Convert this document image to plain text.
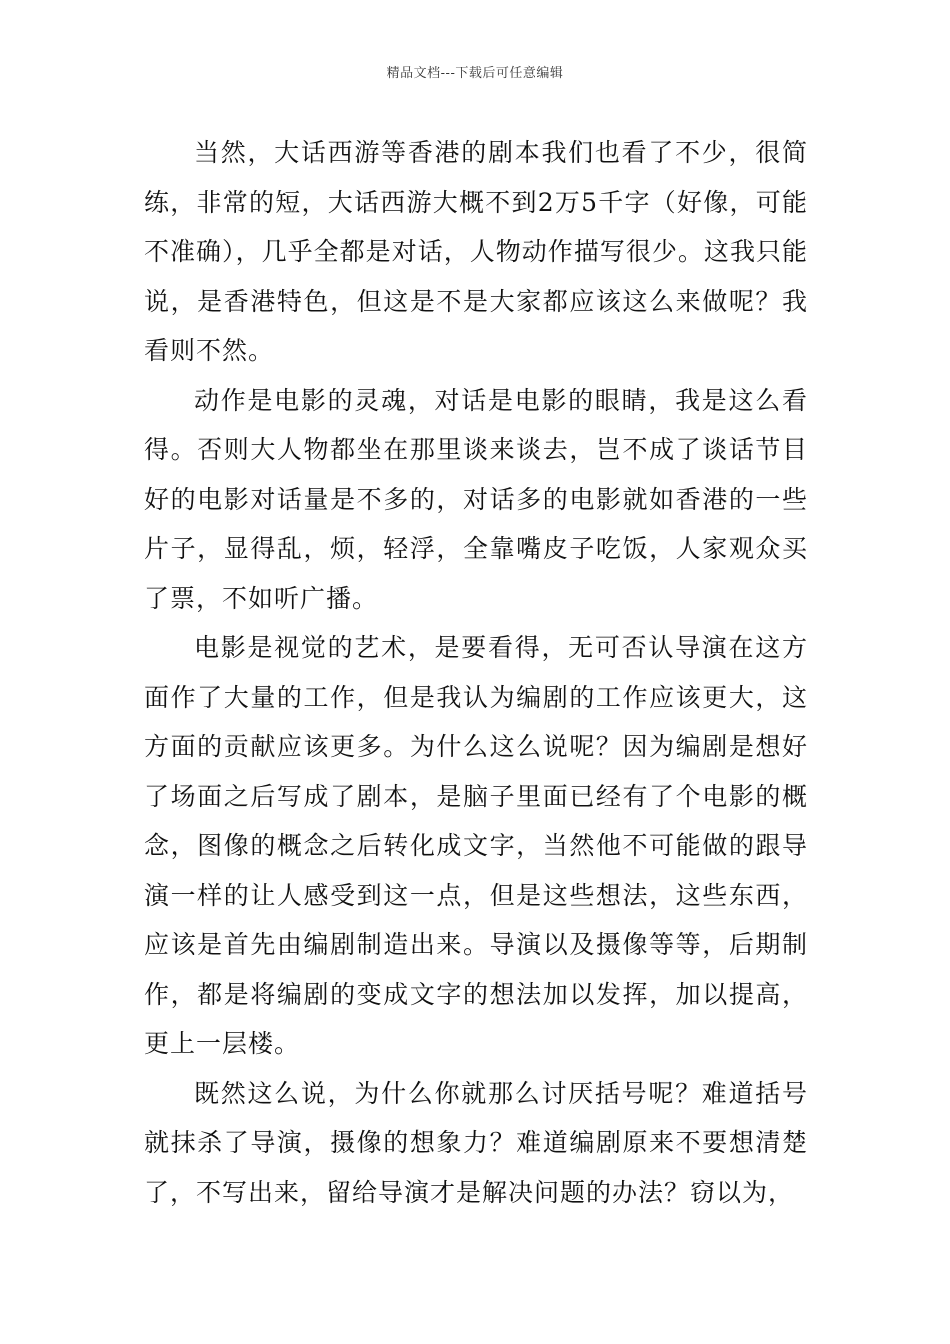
精品文档---下载后可任意编辑

当然，大话西游等香港的剧本我们也看了不少，很简练，非常的短，大话西游大概不到2万5千字（好像，可能不准确），几乎全都是对话，人物动作描写很少。这我只能说，是香港特色，但这是不是大家都应该这么来做呢？我看则不然。

动作是电影的灵魂，对话是电影的眼睛，我是这么看得。否则大人物都坐在那里谈来谈去，岂不成了谈话节目好的电影对话量是不多的，对话多的电影就如香港的一些片子，显得乱，烦，轻浮，全靠嘴皮子吃饭，人家观众买了票，不如听广播。

电影是视觉的艺术，是要看得，无可否认导演在这方面作了大量的工作，但是我认为编剧的工作应该更大，这方面的贡献应该更多。为什么这么说呢？因为编剧是想好了场面之后写成了剧本，是脑子里面已经有了个电影的概念，图像的概念之后转化成文字，当然他不可能做的跟导演一样的让人感受到这一点，但是这些想法，这些东西，应该是首先由编剧制造出来。导演以及摄像等等，后期制作，都是将编剧的变成文字的想法加以发挥，加以提高，更上一层楼。

既然这么说，为什么你就那么讨厌括号呢？难道括号就抹杀了导演，摄像的想象力？难道编剧原来不要想清楚了，不写出来，留给导演才是解决问题的办法？窃以为，
